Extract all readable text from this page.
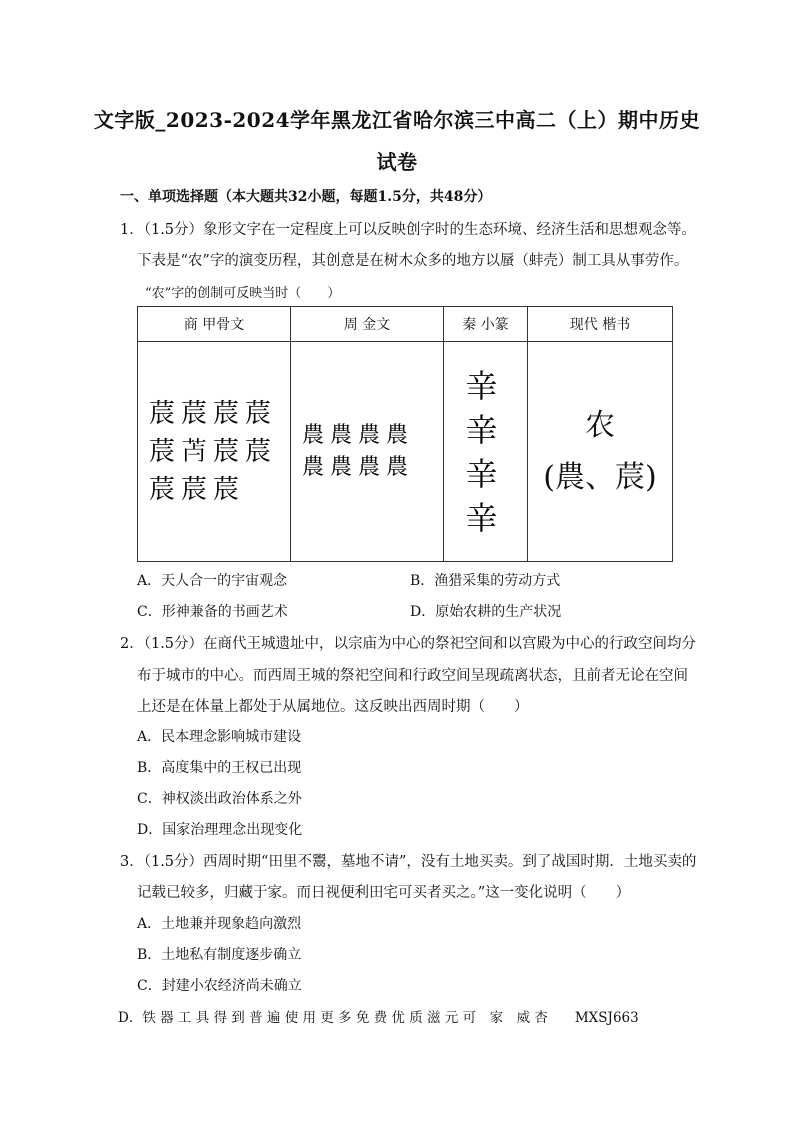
文字版_2023-2024学年黑龙江省哈尔滨三中高二（上）期中历史
试卷
一、单项选择题（本大题共32小题，每题1.5分，共48分）
1．（1.5分）象形文字在一定程度上可以反映创字时的生态环境、经济生活和思想观念等。
下表是“农”字的演变历程，其创意是在树木众多的地方以蜃（蚌壳）制工具从事劳作。
“农”字的创制可反映当时（　　）
商 甲骨文	周 金文	秦 小篆	现代 楷书
莀莀莀莀莀𦬿莀莀莀莀莀	農農農農農農農農	𨐌𨐌𨐌𨐌	农
(農、莀)
A．天人合一的宇宙观念	B．渔猎采集的劳动方式
C．形神兼备的书画艺术	D．原始农耕的生产状况
2．（1.5分）在商代王城遗址中，以宗庙为中心的祭祀空间和以宫殿为中心的行政空间均分
布于城市的中心。而西周王城的祭祀空间和行政空间呈现疏离状态，且前者无论在空间
上还是在体量上都处于从属地位。这反映出西周时期（　　）
A．民本理念影响城市建设
B．高度集中的王权已出现
C．神权淡出政治体系之外
D．国家治理理念出现变化
3．（1.5分）西周时期“田里不鬻，墓地不请”，没有土地买卖。到了战国时期．土地买卖的
记载已较多，归藏于家。而日视便利田宅可买者买之。”这一变化说明（　　）
A．土地兼并现象趋向激烈
B．土地私有制度逐步确立
C．封建小农经济尚未确立
D．铁 器 工 具 得 到 普 遍 使 用 更 多 免 费 优 质 滋 元 可　家　威 杏　　MXSJ663
